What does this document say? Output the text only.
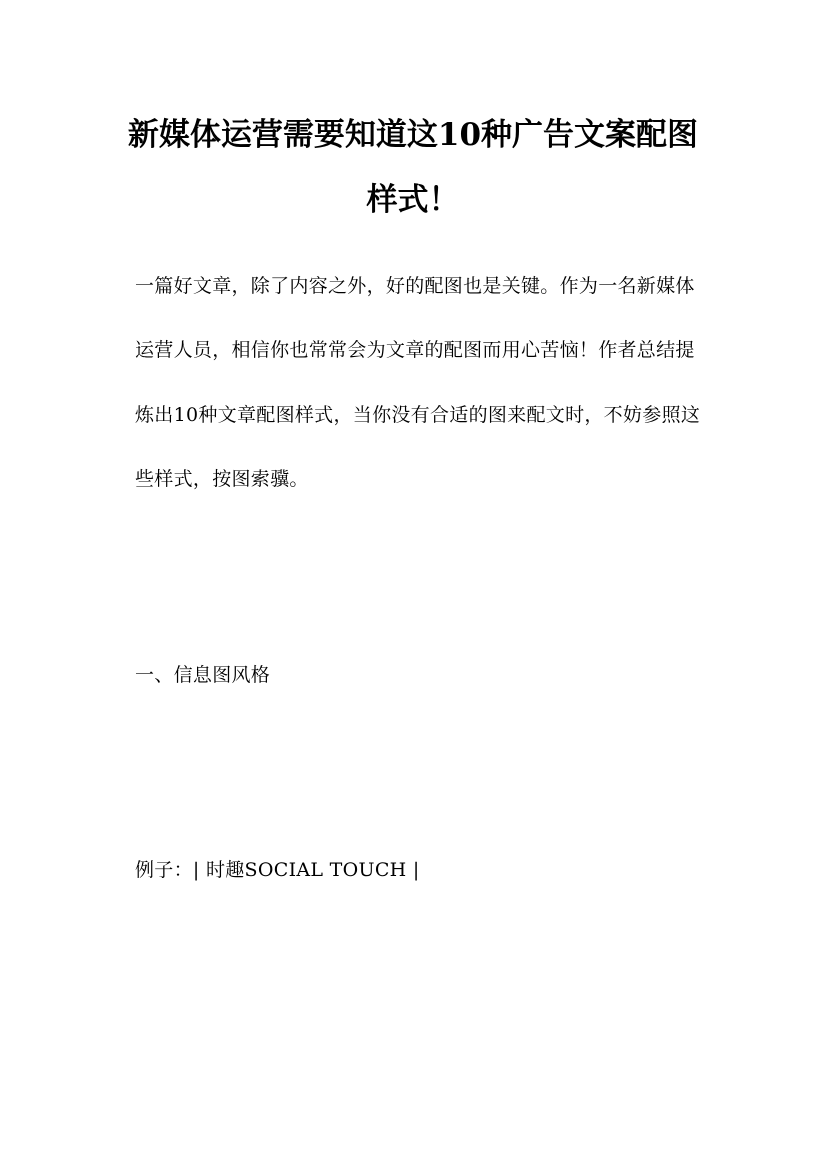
新媒体运营需要知道这10种广告文案配图
样式！
一篇好文章，除了内容之外，好的配图也是关键。作为一名新媒体
运营人员，相信你也常常会为文章的配图而用心苦恼！作者总结提
炼出10种文章配图样式，当你没有合适的图来配文时，不妨参照这
些样式，按图索骥。
一、信息图风格
例子：| 时趣SOCIAL TOUCH |
